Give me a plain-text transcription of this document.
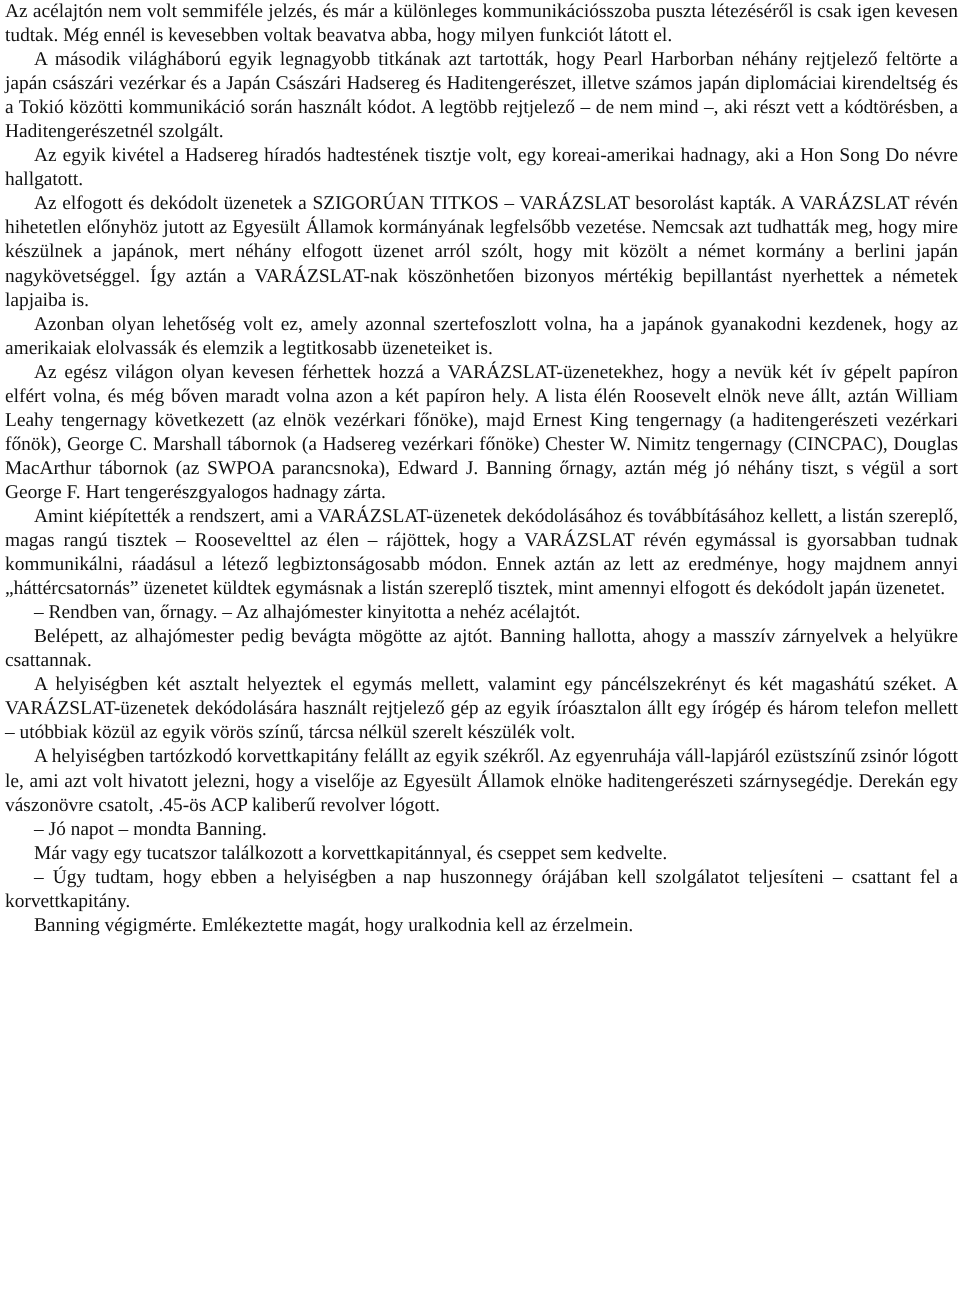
Az acélajtón nem volt semmiféle jelzés, és már a különleges kommunikációsszoba puszta létezéséről is csak igen kevesen tudtak. Még ennél is kevesebben voltak beavatva abba, hogy milyen funkciót látott el.

A második világháború egyik legnagyobb titkának azt tartották, hogy Pearl Harborban néhány rejtjelező feltörte a japán császári vezérkar és a Japán Császári Hadsereg és Haditengerészet, illetve számos japán diplomáciai kirendeltség és a Tokió közötti kommunikáció során használt kódot. A legtöbb rejtjelező – de nem mind –, aki részt vett a kódtörésben, a Haditengerészetnél szolgált.

Az egyik kivétel a Hadsereg híradós hadtestének tisztje volt, egy koreai-amerikai hadnagy, aki a Hon Song Do névre hallgatott.

Az elfogott és dekódolt üzenetek a SZIGORÚAN TITKOS – VARÁZSLAT besorolást kapták. A VARÁZSLAT révén hihetetlen előnyhöz jutott az Egyesült Államok kormányának legfelsőbb vezetése. Nemcsak azt tudhatták meg, hogy mire készülnek a japánok, mert néhány elfogott üzenet arról szólt, hogy mit közölt a német kormány a berlini japán nagykövetséggel. Így aztán a VARÁZSLAT-nak köszönhetően bizonyos mértékig bepillantást nyerhettek a németek lapjaiba is.

Azonban olyan lehetőség volt ez, amely azonnal szertefoszlott volna, ha a japánok gyanakodni kezdenek, hogy az amerikaiak elolvassák és elemzik a legtitkosabb üzeneteiket is.

Az egész világon olyan kevesen férhettek hozzá a VARÁZSLAT-üzenetekhez, hogy a nevük két ív gépelt papíron elfért volna, és még bőven maradt volna azon a két papíron hely. A lista élén Roosevelt elnök neve állt, aztán William Leahy tengernagy következett (az elnök vezérkari főnöke), majd Ernest King tengernagy (a haditengerészeti vezérkari főnök), George C. Marshall tábornok (a Hadsereg vezérkari főnöke) Chester W. Nimitz tengernagy (CINCPAC), Douglas MacArthur tábornok (az SWPOA parancsnoka), Edward J. Banning őrnagy, aztán még jó néhány tiszt, s végül a sort George F. Hart tengerészgyalogos hadnagy zárta.

Amint kiépítették a rendszert, ami a VARÁZSLAT-üzenetek dekódolásához és továbbításához kellett, a listán szereplő, magas rangú tisztek – Roosevelttel az élen – rájöttek, hogy a VARÁZSLAT révén egymással is gyorsabban tudnak kommunikálni, ráadásul a létező legbiztonságosabb módon. Ennek aztán az lett az eredménye, hogy majdnem annyi „háttércsatornás” üzenetet küldtek egymásnak a listán szereplő tisztek, mint amennyi elfogott és dekódolt japán üzenetet.

– Rendben van, őrnagy. – Az alhajómester kinyitotta a nehéz acélajtót.

Belépett, az alhajómester pedig bevágta mögötte az ajtót. Banning hallotta, ahogy a masszív zárnyelvek a helyükre csattannak.

A helyiségben két asztalt helyeztek el egymás mellett, valamint egy páncélszekrényt és két magashátú széket. A VARÁZSLAT-üzenetek dekódolására használt rejtjelező gép az egyik íróasztalon állt egy írógép és három telefon mellett – utóbbiak közül az egyik vörös színű, tárcsa nélkül szerelt készülék volt.

A helyiségben tartózkodó korvettkapitány felállt az egyik székről. Az egyenruhája váll-lapjáról ezüstszínű zsinór lógott le, ami azt volt hivatott jelezni, hogy a viselője az Egyesült Államok elnöke haditengerészeti szárnysegédje. Derekán egy vászonövre csatolt, .45-ös ACP kaliberű revolver lógott.

– Jó napot – mondta Banning.

Már vagy egy tucatszor találkozott a korvettkapitánnyal, és cseppet sem kedvelte.

– Úgy tudtam, hogy ebben a helyiségben a nap huszonnegy órájában kell szolgálatot teljesíteni – csattant fel a korvettkapitány.

Banning végigmérte. Emlékeztette magát, hogy uralkodnia kell az érzelmein.
